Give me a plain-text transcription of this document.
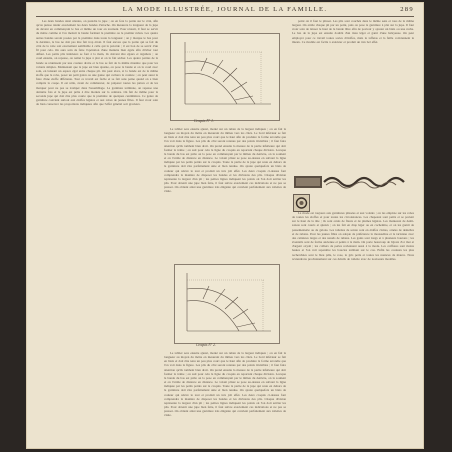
LA MODE ILLUSTRÉE, JOURNAL DE LA FAMILLE.	289

Les deux bandes ainsi réunies, on prendra la jupe ; on en fera la partie sur le côté, afin qu'on puisse réunir exactement les deux bandes d'attache. On mesurera la longueur de la jupe de devant en commençant le bas et même un tour en tournant. Pour réussir, il faut se servir du mètre comme si l'on mettait la bande formant la première ou le premier ruban. Les quatre autres bandes seront posées par la première dans toute la longueur ; on y marque le bas pour la dernière, le bas ne doit pas être fait trop étroit. Il faut encore que la partie qui se fait du côté de la robe soit exactement semblable à celle qui la précède ; il est bon de se servir d'un fil pour cela. On aura soin de faire l'opération d'une manière bien égale afin d'éviter tout défaut. Les petits plis intérieurs se font à la main, ils doivent être égaux et réguliers ; on coud ensuite, on repasse, on remet la jupe à plat et on la fait sécher. Les quatre parties de la bande se réunissent par une couture droite et le bas se fait de la même manière que pour les volants simples. Maintenant que la jupe est bien ajustée, on pose la bande et on la coud avec soin, en laissant un espace égal entre chaque pli. On peut alors, si la bande est de la même étoffe que la robe, poser un petit galon ou une ganse qui cachera la couture ; on peut aussi la faire d'une étoffe différente. Tout ce travail est facile et se fait sans peine quand on a bien compris la coupe. Il est utile, avant de commencer, de préparer toutes les pièces et de les marquer pour ne pas se tromper dans l'assemblage. La garniture terminée, on repasse une dernière fois et la jupe est prête à être montée sur la ceinture. On fait de même pour la seconde jupe qui doit être plus courte que la première de quelques centimètres. Ce genre de garniture convient surtout aux étoffes légères et aux robes de jeunes filles. Il faut avoir soin de bien conserver les proportions indiquées afin que l'effet général soit gracieux.

Croquis N° 1.

Le tablier sera ensuite ajusté, monté sur un ruban de la largeur indiquée ; on en fait la longueur au moyen du mètre en mesurant du milieu vers les côtés. Le bord inférieur se fait en biais et doit être tenu un peu plus court que le haut afin de produire la forme arrondie que l'on voit dans la figure. Les plis du côté seront retenus par des points invisibles ; il faut faire attention qu'ils tombent bien droit. On prend ensuite la mesure de la partie inférieure qui doit former la traîne ; on suit pour cela la ligne du croquis en reportant chaque division. Lorsque la bande du bas est prête on la pose en commençant par le milieu du derrière, on la soutient et on l'arrête de distance en distance. Le volant plissé se pose au-dessus en suivant la ligne indiquée par les petits points sur le croquis. Toute la partie de la jupe qui reste en dehors de la garniture doit être parfaitement unie et bien tendue. On ajoute quelquefois un biais de couleur qui relève le tout et produit un très joli effet. Les deux croquis ci-dessus font comprendre la manière de disposer les bandes et les divisions des plis. Chaque division représente la largeur d'un pli ; les petites lignes indiquent les points où l'on doit arrêter les plis. Pour obtenir une jupe bien faite, il faut suivre exactement ces indications et ne pas se presser. On obtient ainsi une garniture très élégante qui convient parfaitement aux toilettes de visite.

Croquis N° 2.

Le tablier sera ensuite ajusté, monté sur un ruban de la largeur indiquée ; on en fait la longueur au moyen du mètre en mesurant du milieu vers les côtés. Le bord inférieur se fait en biais et doit être tenu un peu plus court que le haut afin de produire la forme arrondie que l'on voit dans la figure. Les plis du côté seront retenus par des points invisibles ; il faut faire attention qu'ils tombent bien droit. On prend ensuite la mesure de la partie inférieure qui doit former la traîne ; on suit pour cela la ligne du croquis en reportant chaque division. Lorsque la bande du bas est prête on la pose en commençant par le milieu du derrière, on la soutient et on l'arrête de distance en distance. Le volant plissé se pose au-dessus en suivant la ligne indiquée par les petits points sur le croquis. Toute la partie de la jupe qui reste en dehors de la garniture doit être parfaitement unie et bien tendue. On ajoute quelquefois un biais de couleur qui relève le tout et produit un très joli effet. Les deux croquis ci-dessus font comprendre la manière de disposer les bandes et les divisions des plis. Chaque division représente la largeur d'un pli ; les petites lignes indiquent les points où l'on doit arrêter les plis. Pour obtenir une jupe bien faite, il faut suivre exactement ces indications et ne pas se presser. On obtient ainsi une garniture très élégante qui convient parfaitement aux toilettes de visite.

point où il faut le plisser. Les plis sont couchés dans le même sens et tous de la même largeur. On arrête chaque pli par un point, puis on pose la garniture à plat sur la jupe. Il faut avoir soin de laisser le haut de la bande libre afin de pouvoir y ajouter un biais ou une ruche. Le bas de la jupe est ensuite doublé d'un tissu léger et garni d'une balayeuse. On peut employer pour ce travail toutes sortes d'étoffes, mais le taffetas et la faille conviennent le mieux. Ce modèle est facile à exécuter et produit un très bel effet.

La mode est toujours aux garnitures plissées et aux volants ; on les emploie sur les robes de toutes les étoffes et pour toutes les circonstances. Les chapeaux sont petits et se portent sur le haut de la tête ; ils sont ornés de fleurs et de plumes légères. Les manteaux de demi-saison sont courts et ajustés ; on les fait en drap léger ou en cachemire, et on les garnit de passementerie ou de galons. Les toilettes de soirée sont en étoffes claires, ornées de dentelles et de rubans. Pour les jeunes filles on adopte de préférence la mousseline et le tarlatane avec des ceintures larges et des nœuds de rubans. Les gants sont longs et à plusieurs boutons ; les éventails sont de forme ancienne et peints à la main. On porte beaucoup de bijoux d'or mat et d'argent oxydé ; les colliers de perles reviennent aussi à la mode. Les coiffures sont moins hautes et l'on voit reparaître les boucles tombant sur le cou. Enfin les couleurs les plus recherchées sont le bleu pâle, le rose, le gris perle et toutes les nuances de mauve. Nous reviendrons prochainement sur ces détails de toilette avec de nouveaux modèles.
